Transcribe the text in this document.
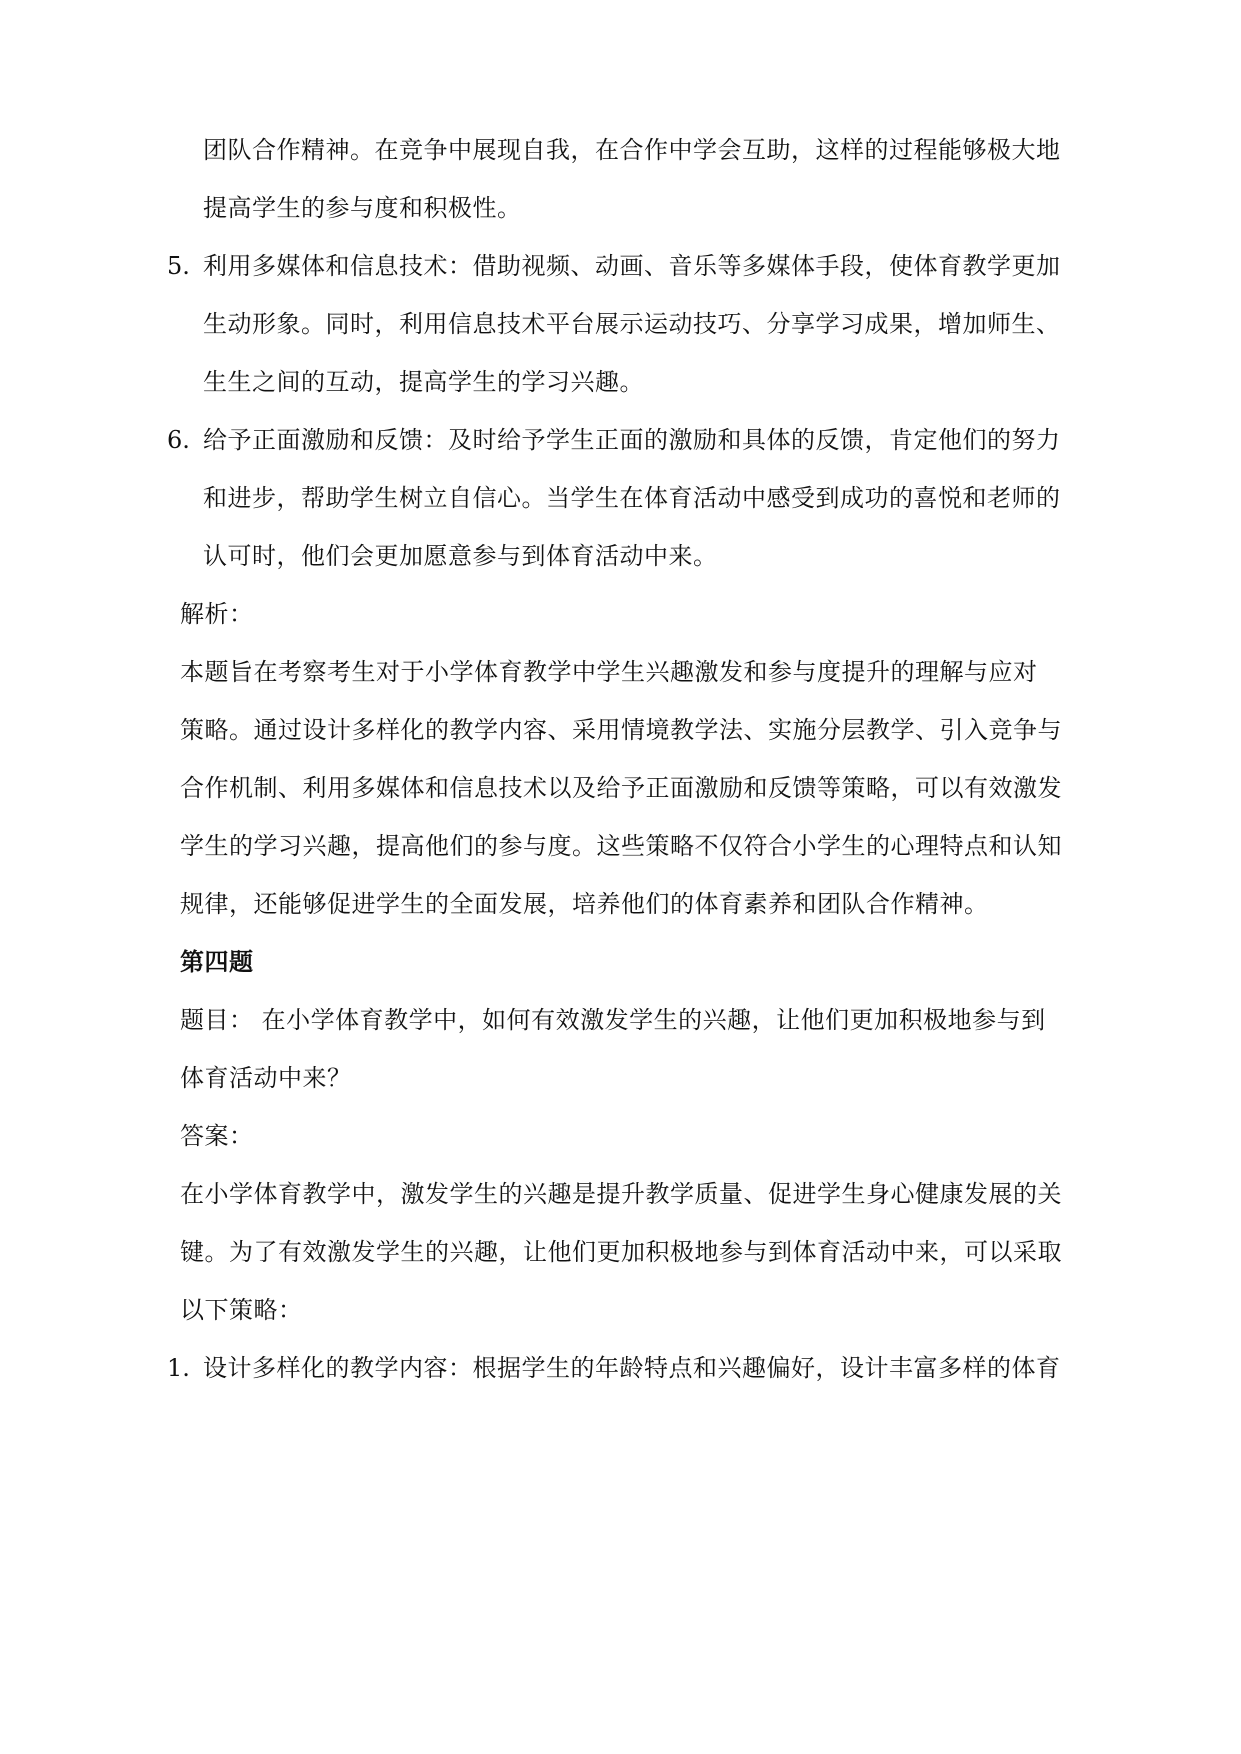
团队合作精神。在竞争中展现自我，在合作中学会互助，这样的过程能够极大地
提高学生的参与度和积极性。
5. 利用多媒体和信息技术：借助视频、动画、音乐等多媒体手段，使体育教学更加
生动形象。同时，利用信息技术平台展示运动技巧、分享学习成果，增加师生、
生生之间的互动，提高学生的学习兴趣。
6. 给予正面激励和反馈：及时给予学生正面的激励和具体的反馈，肯定他们的努力
和进步，帮助学生树立自信心。当学生在体育活动中感受到成功的喜悦和老师的
认可时，他们会更加愿意参与到体育活动中来。
解析：
本题旨在考察考生对于小学体育教学中学生兴趣激发和参与度提升的理解与应对
策略。通过设计多样化的教学内容、采用情境教学法、实施分层教学、引入竞争与
合作机制、利用多媒体和信息技术以及给予正面激励和反馈等策略，可以有效激发
学生的学习兴趣，提高他们的参与度。这些策略不仅符合小学生的心理特点和认知
规律，还能够促进学生的全面发展，培养他们的体育素养和团队合作精神。
第四题
题目： 在小学体育教学中，如何有效激发学生的兴趣，让他们更加积极地参与到
体育活动中来？
答案：
在小学体育教学中，激发学生的兴趣是提升教学质量、促进学生身心健康发展的关
键。为了有效激发学生的兴趣，让他们更加积极地参与到体育活动中来，可以采取
以下策略：
1. 设计多样化的教学内容：根据学生的年龄特点和兴趣偏好，设计丰富多样的体育
